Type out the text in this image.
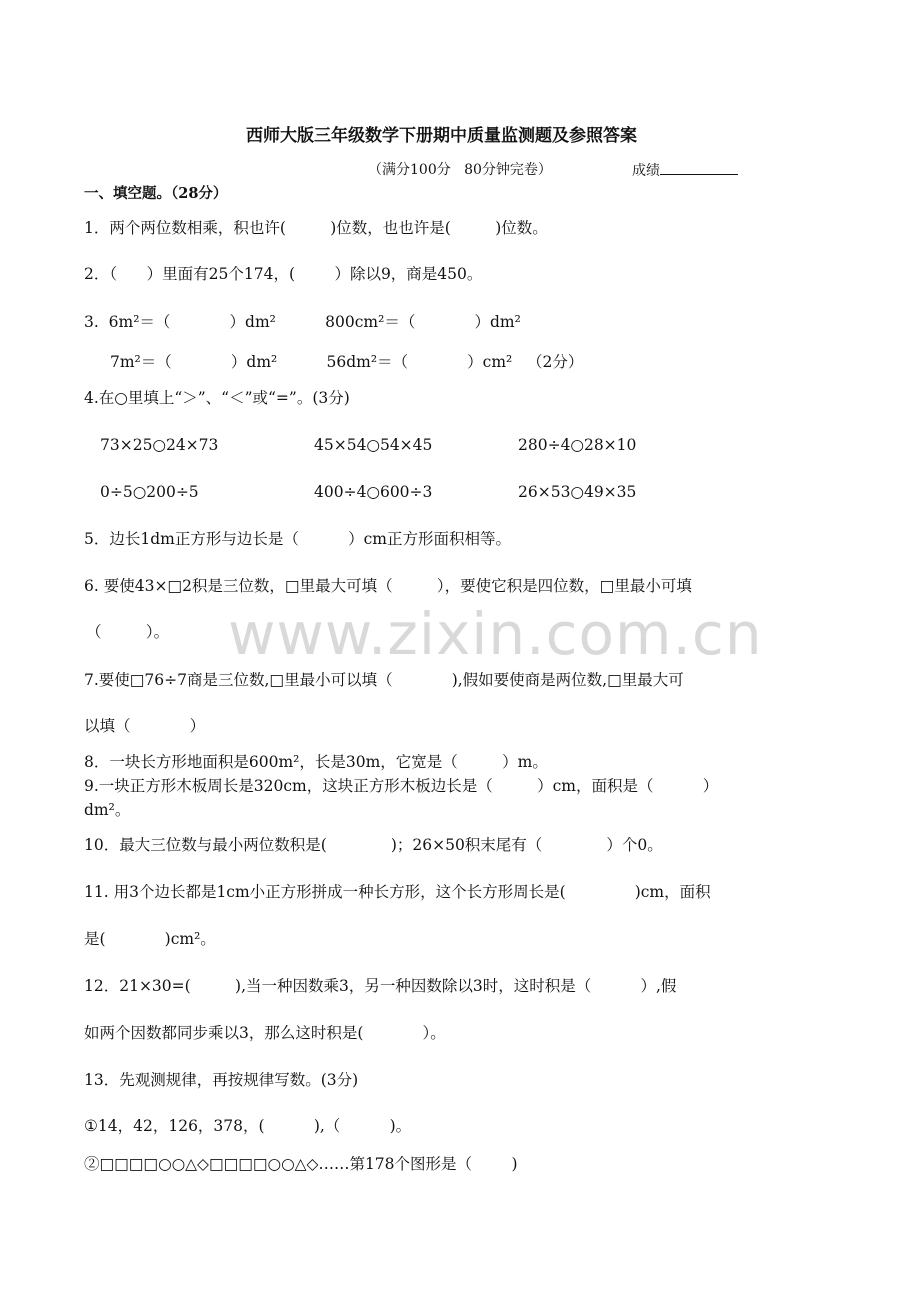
www.zixin.com.cn
西师大版三年级数学下册期中质量监测题及参照答案
（满分100分   80分钟完卷）	成绩
一、填空题。（28分）
1．两个两位数相乘，积也许(         )位数，也也许是(         )位数。
2．（      ）里面有25个174，(        ）除以9，商是450。
3.  6m²＝（            ）dm²          800cm²＝（            ）dm²
7m²＝（            ）dm²          56dm²＝（            ）cm²   （2分）
4.在○里填上“＞”、“＜”或“=”。(3分)
73×25○24×73	45×54○54×45	280÷4○28×10
0÷5○200÷5	400÷4○600÷3	26×53○49×35
5．边长1dm正方形与边长是（          ）cm正方形面积相等。
6. 要使43×□2积是三位数，□里最大可填（         ），要使它积是四位数，□里最小可填
（         ）。
7.要使□76÷7商是三位数,□里最小可以填（            ),假如要使商是两位数,□里最大可
以填（            ）
8．一块长方形地面积是600m²，长是30m，它宽是（         ）m。
9.一块正方形木板周长是320cm，这块正方形木板边长是（         ）cm，面积是（          ）
dm²。
10．最大三位数与最小两位数积是(             )；26×50积末尾有（             ）个0。
11. 用3个边长都是1cm小正方形拼成一种长方形，这个长方形周长是(              )cm，面积
是(            )cm²。
12．21×30=(         ),当一种因数乘3，另一种因数除以3时，这时积是（          ）,假
如两个因数都同步乘以3，那么这时积是(            ）。
13．先观测规律，再按规律写数。(3分)
①14，42，126，378，(          ),（          )。
②□□□□○○△◇□□□□○○△◇……第178个图形是（        )
